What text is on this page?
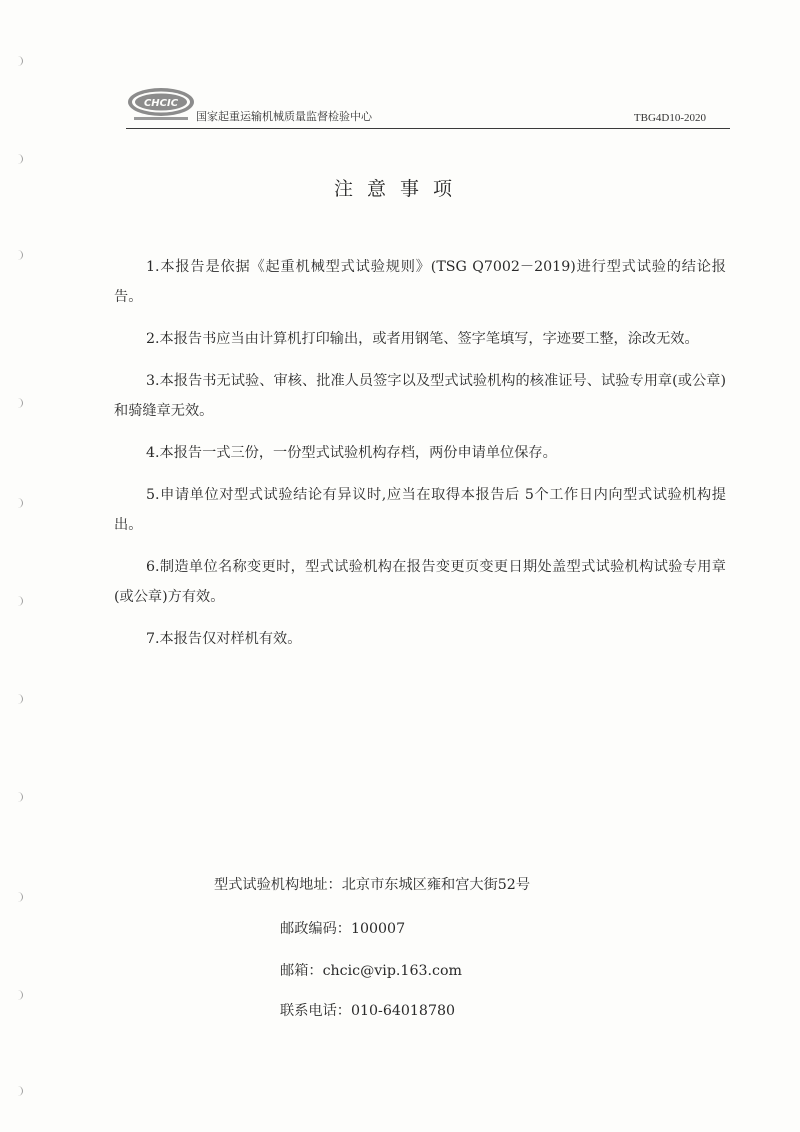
CHCIC
国家起重运输机械质量监督检验中心	TBG4D10-2020
注意事项

1.本报告是依据《起重机械型式试验规则》(TSG Q7002－2019)进行型式试验的结论报告。

2.本报告书应当由计算机打印输出，或者用钢笔、签字笔填写，字迹要工整，涂改无效。

3.本报告书无试验、审核、批准人员签字以及型式试验机构的核准证号、试验专用章(或公章)和骑缝章无效。

4.本报告一式三份，一份型式试验机构存档，两份申请单位保存。

5.申请单位对型式试验结论有异议时,应当在取得本报告后 5个工作日内向型式试验机构提出。

6.制造单位名称变更时，型式试验机构在报告变更页变更日期处盖型式试验机构试验专用章(或公章)方有效。

7.本报告仅对样机有效。

型式试验机构地址：北京市东城区雍和宫大街52号
邮政编码：100007
邮箱：chcic@vip.163.com
联系电话：010-64018780
